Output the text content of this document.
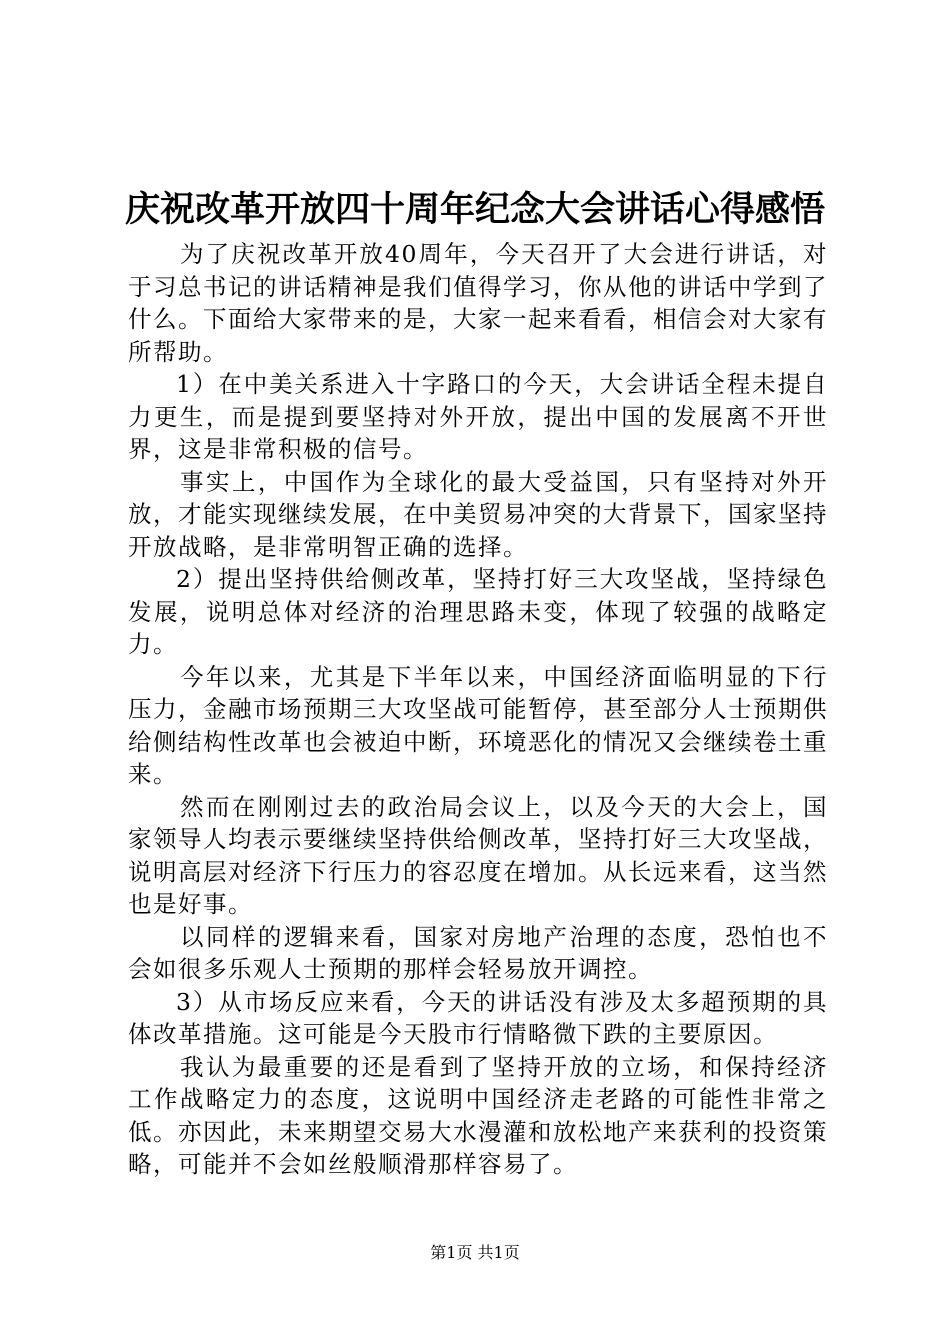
庆祝改革开放四十周年纪念大会讲话心得感悟

为了庆祝改革开放40周年，今天召开了大会进行讲话，对于习总书记的讲话精神是我们值得学习，你从他的讲话中学到了什么。下面给大家带来的是，大家一起来看看，相信会对大家有所帮助。

1）在中美关系进入十字路口的今天，大会讲话全程未提自力更生，而是提到要坚持对外开放，提出中国的发展离不开世界，这是非常积极的信号。

事实上，中国作为全球化的最大受益国，只有坚持对外开放，才能实现继续发展，在中美贸易冲突的大背景下，国家坚持开放战略，是非常明智正确的选择。

2）提出坚持供给侧改革，坚持打好三大攻坚战，坚持绿色发展，说明总体对经济的治理思路未变，体现了较强的战略定力。

今年以来，尤其是下半年以来，中国经济面临明显的下行压力，金融市场预期三大攻坚战可能暂停，甚至部分人士预期供给侧结构性改革也会被迫中断，环境恶化的情况又会继续卷土重来。

然而在刚刚过去的政治局会议上，以及今天的大会上，国家领导人均表示要继续坚持供给侧改革，坚持打好三大攻坚战，说明高层对经济下行压力的容忍度在增加。从长远来看，这当然也是好事。

以同样的逻辑来看，国家对房地产治理的态度，恐怕也不会如很多乐观人士预期的那样会轻易放开调控。

3）从市场反应来看，今天的讲话没有涉及太多超预期的具体改革措施。这可能是今天股市行情略微下跌的主要原因。

我认为最重要的还是看到了坚持开放的立场，和保持经济工作战略定力的态度，这说明中国经济走老路的可能性非常之低。亦因此，未来期望交易大水漫灌和放松地产来获利的投资策略，可能并不会如丝般顺滑那样容易了。

第1页 共1页
